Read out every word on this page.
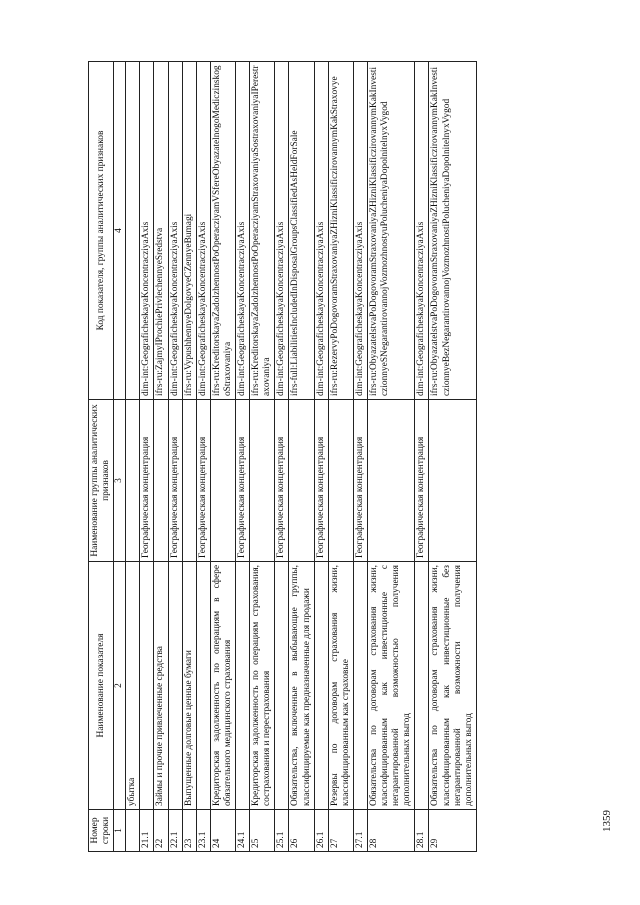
1359
Номер строки	Наименование показателя	Наименование группы аналитических признаков	Код показателя, группы аналитических признаков
1	2	3	4
	убытка		
21.1		Географическая концентрация	dim-int:GeograficheskayaKoncentracziyaAxis
22	Займы и прочие привлеченные средства		ifrs-ru:ZajmyIProchiePrivlechennyeSredstva
22.1		Географическая концентрация	dim-int:GeograficheskayaKoncentracziyaAxis
23	Выпущенные долговые ценные бумаги		ifrs-ru:VypushhennyeDolgovyeCZennyeBumagi
23.1		Географическая концентрация	dim-int:GeograficheskayaKoncentracziyaAxis
24	Кредиторская задолженность по операциям в сфере обязательного медицинского страхования		ifrs-ru:KreditorskayaZadolzhennostPoOperacziyamVSfereObyazatelnogoMediczinskogoStraxovaniya
24.1		Географическая концентрация	dim-int:GeograficheskayaKoncentracziyaAxis
25	Кредиторская задолженность по операциям страхования, сострахования и перестрахования		ifrs-ru:KreditorskayaZadolzhennostPoOperacziyamStraxovaniyaSostraxovaniyaIPerestraxovaniya
25.1		Географическая концентрация	dim-int:GeograficheskayaKoncentracziyaAxis
26	Обязательства, включенные в выбывающие группы, классифицируемые как предназначенные для продажи		ifrs-full:LiabilitiesIncludedInDisposalGroupsClassifiedAsHeldForSale
26.1		Географическая концентрация	dim-int:GeograficheskayaKoncentracziyaAxis
27	Резервы по договорам страхования жизни, классифицированным как страховые		ifrs-ru:RezervyPoDogovoramStraxovaniyaZHizniKlassificzirovannymKakStraxovye
27.1		Географическая концентрация	dim-int:GeograficheskayaKoncentracziyaAxis
28	Обязательства по договорам страхования жизни, классифицированным как инвестиционные с негарантированной возможностью получения дополнительных выгод		ifrs-ru:ObyazatelstvaPoDogovoramStraxovaniyaZHizniKlassificzirovannymKakInvesticzionnyeSNegarantirovannojVozmozhnostyuPolucheniyaDopolnitelnyxVygod
28.1		Географическая концентрация	dim-int:GeograficheskayaKoncentracziyaAxis
29	Обязательства по договорам страхования жизни, классифицированным как инвестиционные без негарантированной возможности получения дополнительных выгод		ifrs-ru:ObyazatelstvaPoDogovoramStraxovaniyaZHizniKlassificzirovannymKakInvesticzionnyeBezNegarantirovannojVozmozhnostiPolucheniyaDopolnitelnyxVygod
